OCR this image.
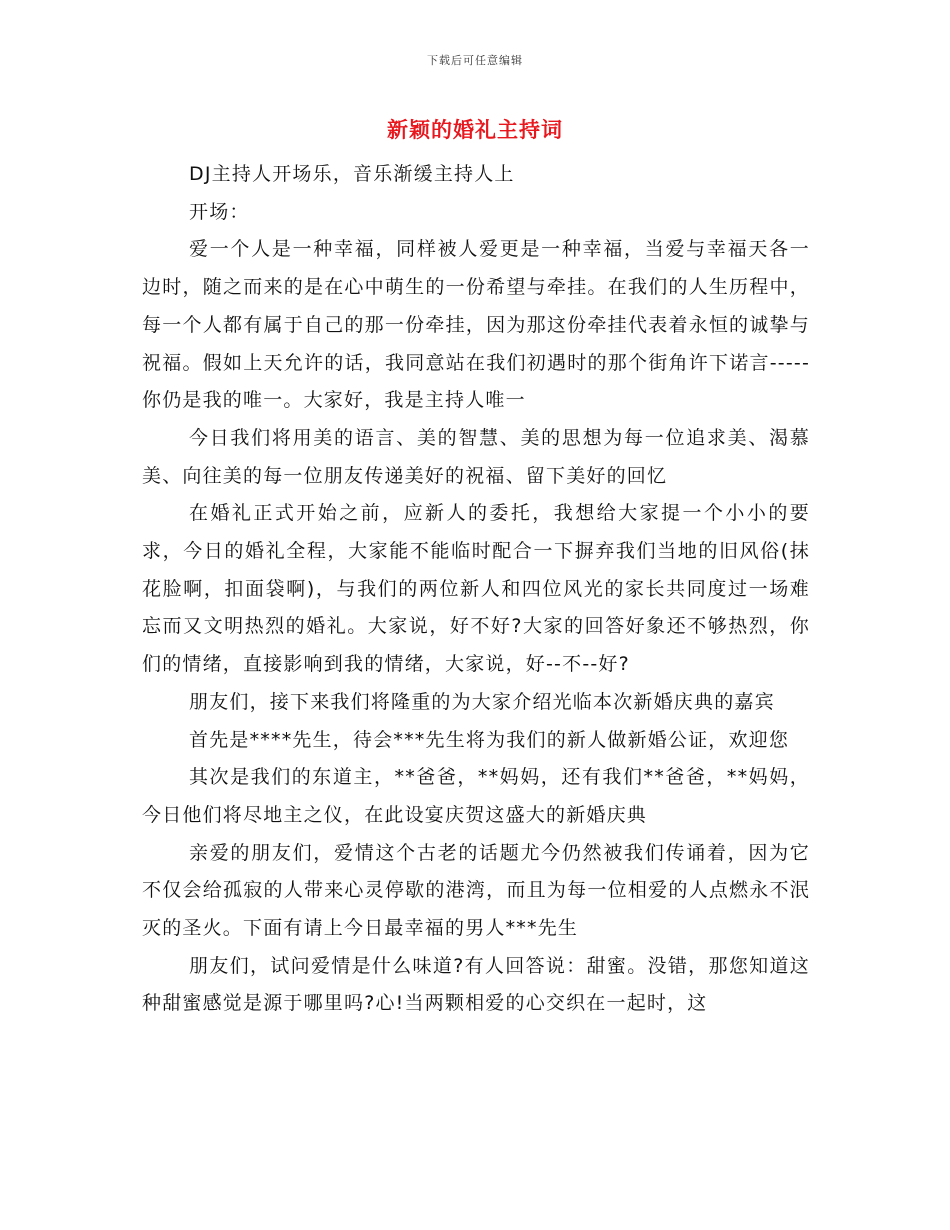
下载后可任意编辑
新颖的婚礼主持词

DJ主持人开场乐，音乐渐缓主持人上

开场：

爱一个人是一种幸福，同样被人爱更是一种幸福，当爱与幸福天各一边时，随之而来的是在心中萌生的一份希望与牵挂。在我们的人生历程中，每一个人都有属于自己的那一份牵挂，因为那这份牵挂代表着永恒的诚挚与祝福。假如上天允许的话，我同意站在我们初遇时的那个街角许下诺言-----你仍是我的唯一。大家好，我是主持人唯一

今日我们将用美的语言、美的智慧、美的思想为每一位追求美、渴慕美、向往美的每一位朋友传递美好的祝福、留下美好的回忆

在婚礼正式开始之前，应新人的委托，我想给大家提一个小小的要求，今日的婚礼全程，大家能不能临时配合一下摒弃我们当地的旧风俗(抹花脸啊，扣面袋啊)，与我们的两位新人和四位风光的家长共同度过一场难忘而又文明热烈的婚礼。大家说，好不好?大家的回答好象还不够热烈，你们的情绪，直接影响到我的情绪，大家说，好--不--好?

朋友们，接下来我们将隆重的为大家介绍光临本次新婚庆典的嘉宾

首先是****先生，待会***先生将为我们的新人做新婚公证，欢迎您

其次是我们的东道主，**爸爸，**妈妈，还有我们**爸爸，**妈妈，今日他们将尽地主之仪，在此设宴庆贺这盛大的新婚庆典

亲爱的朋友们，爱情这个古老的话题尤今仍然被我们传诵着，因为它不仅会给孤寂的人带来心灵停歇的港湾，而且为每一位相爱的人点燃永不泯灭的圣火。下面有请上今日最幸福的男人***先生

朋友们，试问爱情是什么味道?有人回答说：甜蜜。没错，那您知道这种甜蜜感觉是源于哪里吗?心!当两颗相爱的心交织在一起时，这
